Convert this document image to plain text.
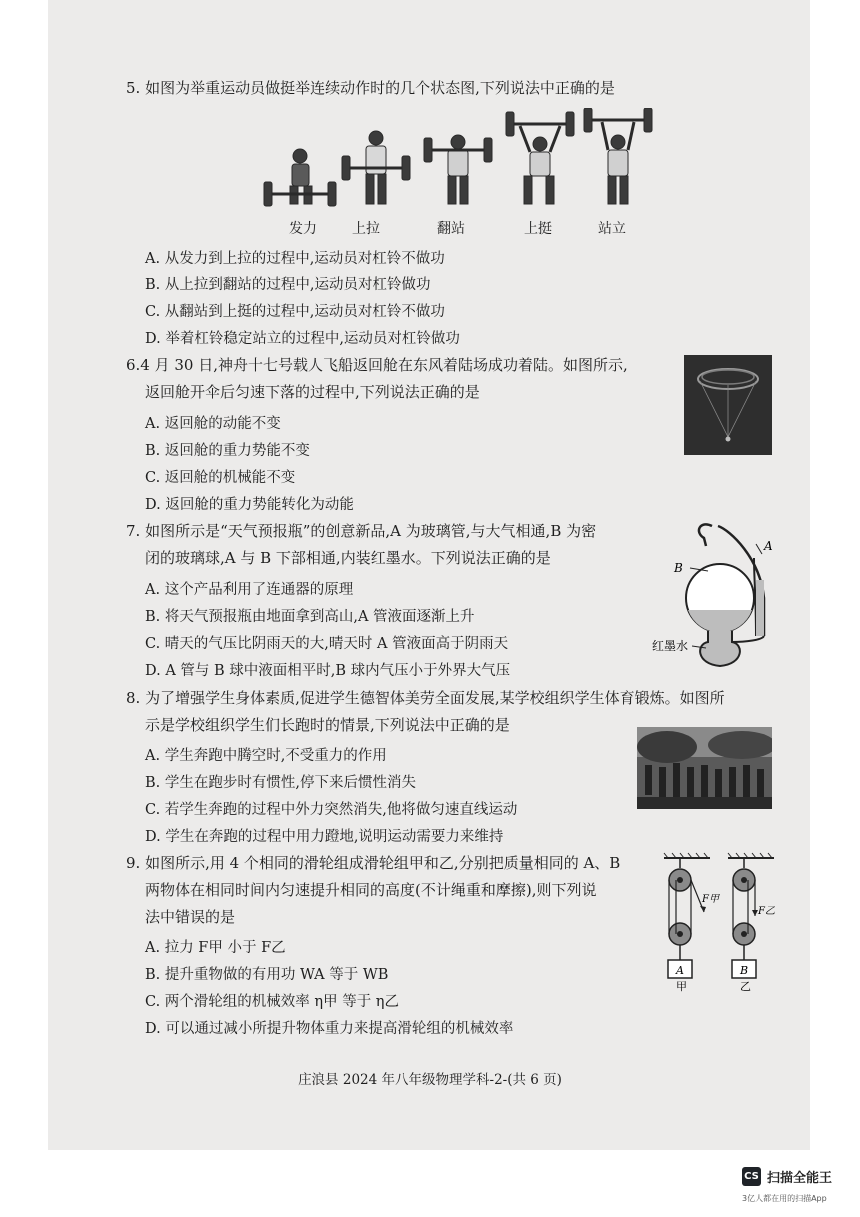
5. 如图为举重运动员做挺举连续动作时的几个状态图,下列说法中正确的是
发力	上拉	翻站	上挺	站立
A. 从发力到上拉的过程中,运动员对杠铃不做功
B. 从上拉到翻站的过程中,运动员对杠铃做功
C. 从翻站到上挺的过程中,运动员对杠铃不做功
D. 举着杠铃稳定站立的过程中,运动员对杠铃做功
6.4 月 30 日,神舟十七号载人飞船返回舱在东风着陆场成功着陆。如图所示,
返回舱开伞后匀速下落的过程中,下列说法正确的是
A. 返回舱的动能不变
B. 返回舱的重力势能不变
C. 返回舱的机械能不变
D. 返回舱的重力势能转化为动能
7. 如图所示是“天气预报瓶”的创意新品,A 为玻璃管,与大气相通,B 为密
闭的玻璃球,A 与 B 下部相通,内装红墨水。下列说法正确的是
A
B
红墨水
A. 这个产品利用了连通器的原理
B. 将天气预报瓶由地面拿到高山,A 管液面逐渐上升
C. 晴天的气压比阴雨天的大,晴天时 A 管液面高于阴雨天
D. A 管与 B 球中液面相平时,B 球内气压小于外界大气压
8. 为了增强学生身体素质,促进学生德智体美劳全面发展,某学校组织学生体育锻炼。如图所
示是学校组织学生们长跑时的情景,下列说法中正确的是
A. 学生奔跑中腾空时,不受重力的作用
B. 学生在跑步时有惯性,停下来后惯性消失
C. 若学生奔跑的过程中外力突然消失,他将做匀速直线运动
D. 学生在奔跑的过程中用力蹬地,说明运动需要力来维持
9. 如图所示,用 4 个相同的滑轮组成滑轮组甲和乙,分别把质量相同的 A、B
两物体在相同时间内匀速提升相同的高度(不计绳重和摩擦),则下列说
法中错误的是
A
F甲
甲
B
F乙
乙
A. 拉力 F甲 小于 F乙
B. 提升重物做的有用功 WA 等于 WB
C. 两个滑轮组的机械效率 η甲 等于 η乙
D. 可以通过减小所提升物体重力来提高滑轮组的机械效率
庄浪县 2024 年八年级物理学科-2-(共 6 页)
CS 扫描全能王
3亿人都在用的扫描App
